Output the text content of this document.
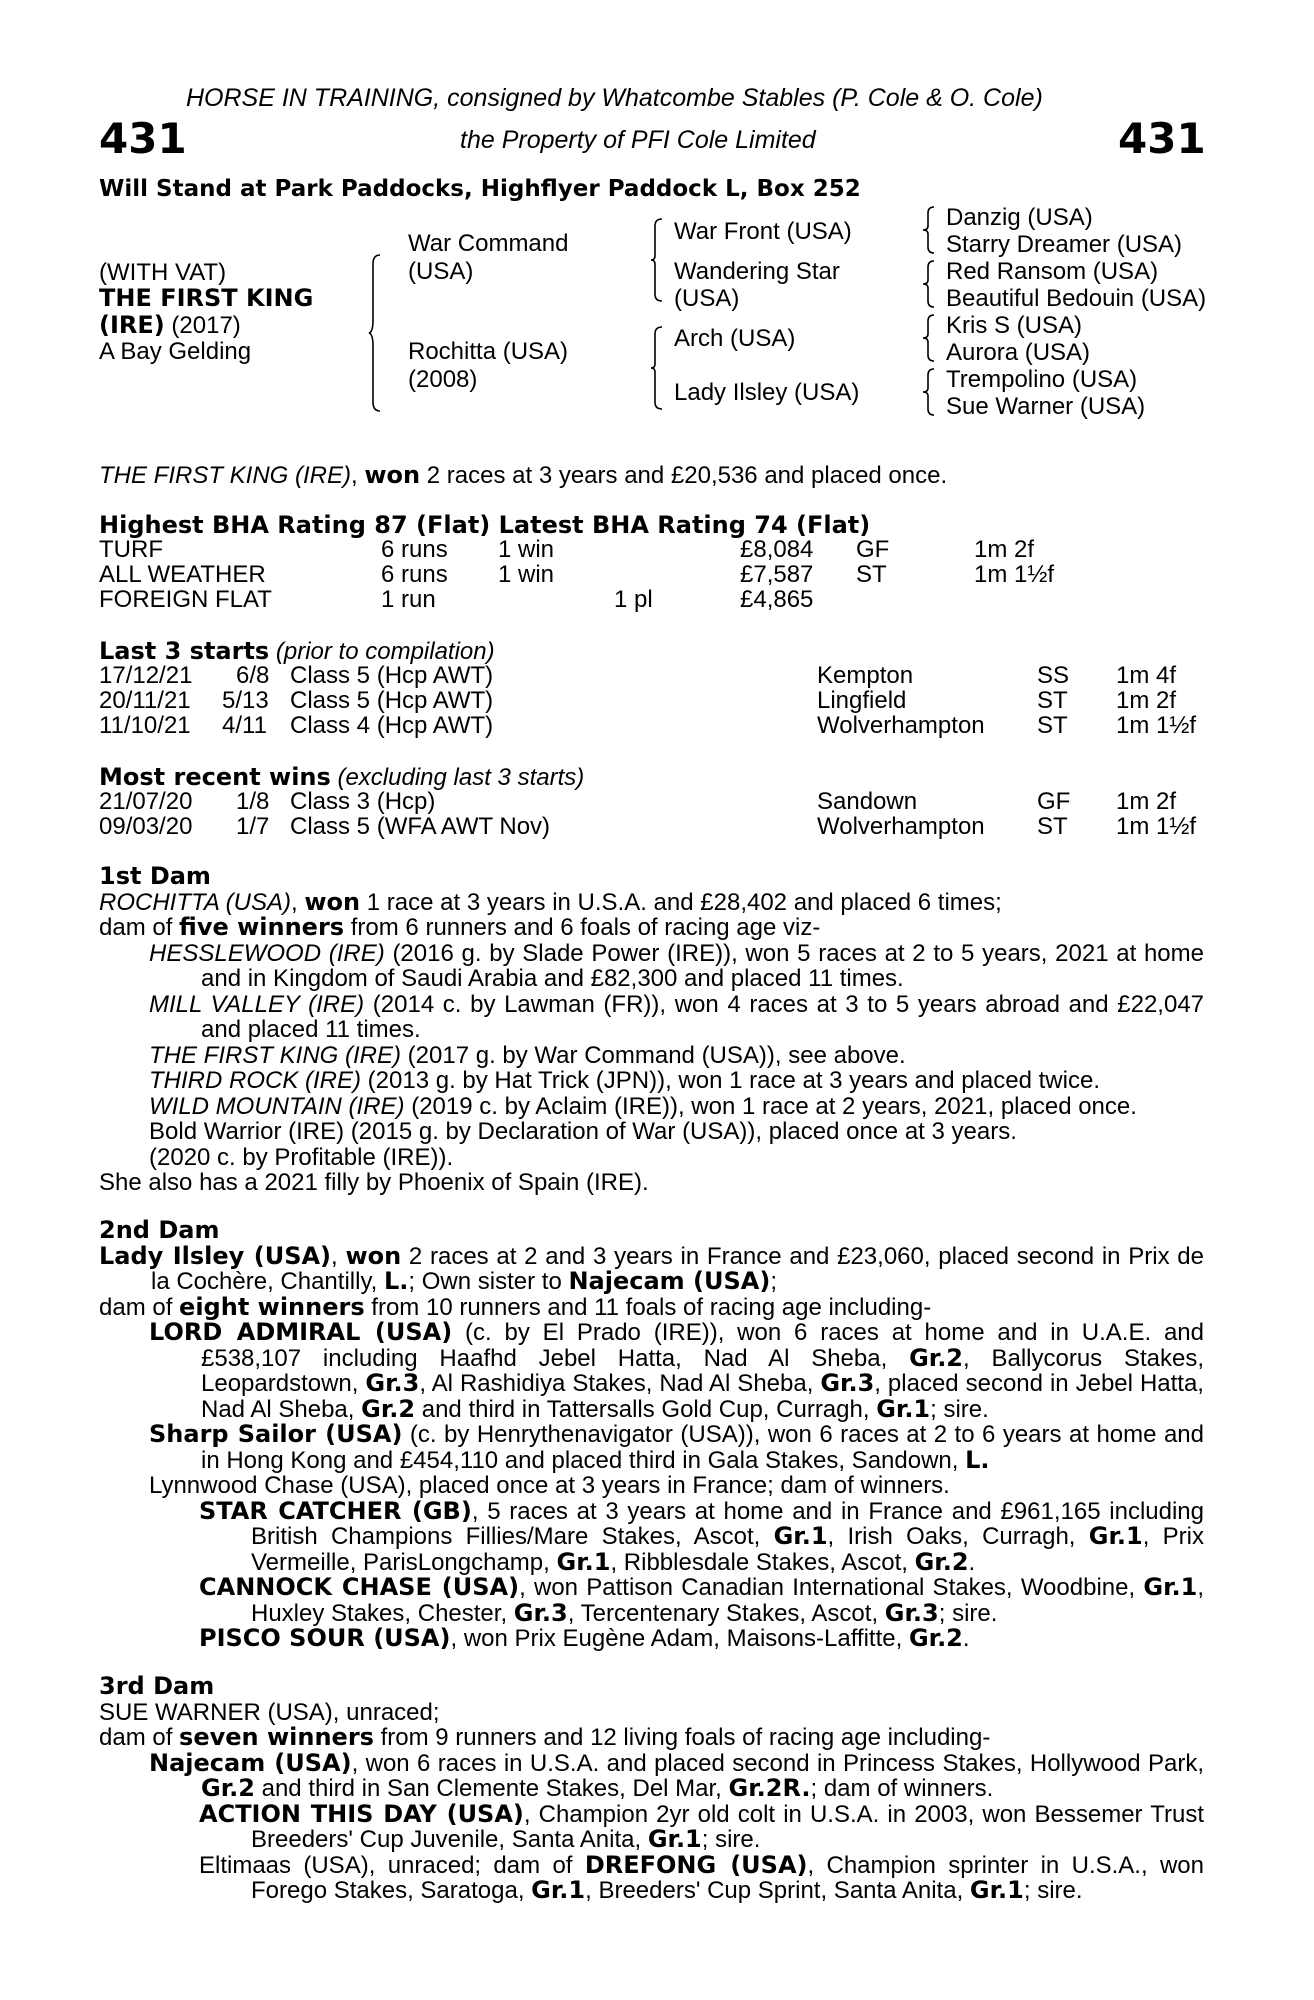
HORSE IN TRAINING, consigned by Whatcombe Stables (P. Cole & O. Cole)
431	the Property of PFI Cole Limited	431
Will Stand at Park Paddocks, Highflyer Paddock L, Box 252
(WITH VAT)
THE FIRST KING
(IRE) (2017)
A Bay Gelding
War Command
(USA)
Rochitta (USA)
(2008)
War Front (USA)
Wandering Star
(USA)
Arch (USA)
Lady Ilsley (USA)
Danzig (USA)
Starry Dreamer (USA)
Red Ransom (USA)
Beautiful Bedouin (USA)
Kris S (USA)
Aurora (USA)
Trempolino (USA)
Sue Warner (USA)
THE FIRST KING (IRE), won 2 races at 3 years and £20,536 and placed once.
Highest BHA Rating 87 (Flat) Latest BHA Rating 74 (Flat)
TURF	6 runs 1 win	£8,084 GF	1m 2f
ALL WEATHER	6 runs 1 win	£7,587 ST	1m 1½f
FOREIGN FLAT	1 run	1 pl	£4,865
Last 3 starts (prior to compilation)
17/12/21 6/8 Class 5 (Hcp AWT)	Kempton	SS 1m 4f
20/11/21 5/13 Class 5 (Hcp AWT)	Lingfield	ST 1m 2f
11/10/21 4/11 Class 4 (Hcp AWT)	Wolverhampton ST 1m 1½f
Most recent wins (excluding last 3 starts)
21/07/20 1/8 Class 3 (Hcp)	Sandown	GF 1m 2f
09/03/20 1/7 Class 5 (WFA AWT Nov)	Wolverhampton ST 1m 1½f

1st Dam

ROCHITTA (USA), won 1 race at 3 years in U.S.A. and £28,402 and placed 6 times;

dam of five winners from 6 runners and 6 foals of racing age viz-

HESSLEWOOD (IRE) (2016 g. by Slade Power (IRE)), won 5 races at 2 to 5 years, 2021 at home and in Kingdom of Saudi Arabia and £82,300 and placed 11 times.

MILL VALLEY (IRE) (2014 c. by Lawman (FR)), won 4 races at 3 to 5 years abroad and £22,047 and placed 11 times.

THE FIRST KING (IRE) (2017 g. by War Command (USA)), see above.

THIRD ROCK (IRE) (2013 g. by Hat Trick (JPN)), won 1 race at 3 years and placed twice.

WILD MOUNTAIN (IRE) (2019 c. by Aclaim (IRE)), won 1 race at 2 years, 2021, placed once.

Bold Warrior (IRE) (2015 g. by Declaration of War (USA)), placed once at 3 years.

(2020 c. by Profitable (IRE)).

She also has a 2021 filly by Phoenix of Spain (IRE).

2nd Dam

Lady Ilsley (USA), won 2 races at 2 and 3 years in France and £23,060, placed second in Prix de la Cochère, Chantilly, L.; Own sister to Najecam (USA);

dam of eight winners from 10 runners and 11 foals of racing age including-

LORD ADMIRAL (USA) (c. by El Prado (IRE)), won 6 races at home and in U.A.E. and £538,107 including Haafhd Jebel Hatta, Nad Al Sheba, Gr.2, Ballycorus Stakes, Leopardstown, Gr.3, Al Rashidiya Stakes, Nad Al Sheba, Gr.3, placed second in Jebel Hatta, Nad Al Sheba, Gr.2 and third in Tattersalls Gold Cup, Curragh, Gr.1; sire.

Sharp Sailor (USA) (c. by Henrythenavigator (USA)), won 6 races at 2 to 6 years at home and in Hong Kong and £454,110 and placed third in Gala Stakes, Sandown, L.

Lynnwood Chase (USA), placed once at 3 years in France; dam of winners.

STAR CATCHER (GB), 5 races at 3 years at home and in France and £961,165 including British Champions Fillies/Mare Stakes, Ascot, Gr.1, Irish Oaks, Curragh, Gr.1, Prix Vermeille, ParisLongchamp, Gr.1, Ribblesdale Stakes, Ascot, Gr.2.

CANNOCK CHASE (USA), won Pattison Canadian International Stakes, Woodbine, Gr.1, Huxley Stakes, Chester, Gr.3, Tercentenary Stakes, Ascot, Gr.3; sire.

PISCO SOUR (USA), won Prix Eugène Adam, Maisons-Laffitte, Gr.2.

3rd Dam

SUE WARNER (USA), unraced;

dam of seven winners from 9 runners and 12 living foals of racing age including-

Najecam (USA), won 6 races in U.S.A. and placed second in Princess Stakes, Hollywood Park, Gr.2 and third in San Clemente Stakes, Del Mar, Gr.2R.; dam of winners.

ACTION THIS DAY (USA), Champion 2yr old colt in U.S.A. in 2003, won Bessemer Trust Breeders' Cup Juvenile, Santa Anita, Gr.1; sire.

Eltimaas (USA), unraced; dam of DREFONG (USA), Champion sprinter in U.S.A., won Forego Stakes, Saratoga, Gr.1, Breeders' Cup Sprint, Santa Anita, Gr.1; sire.
